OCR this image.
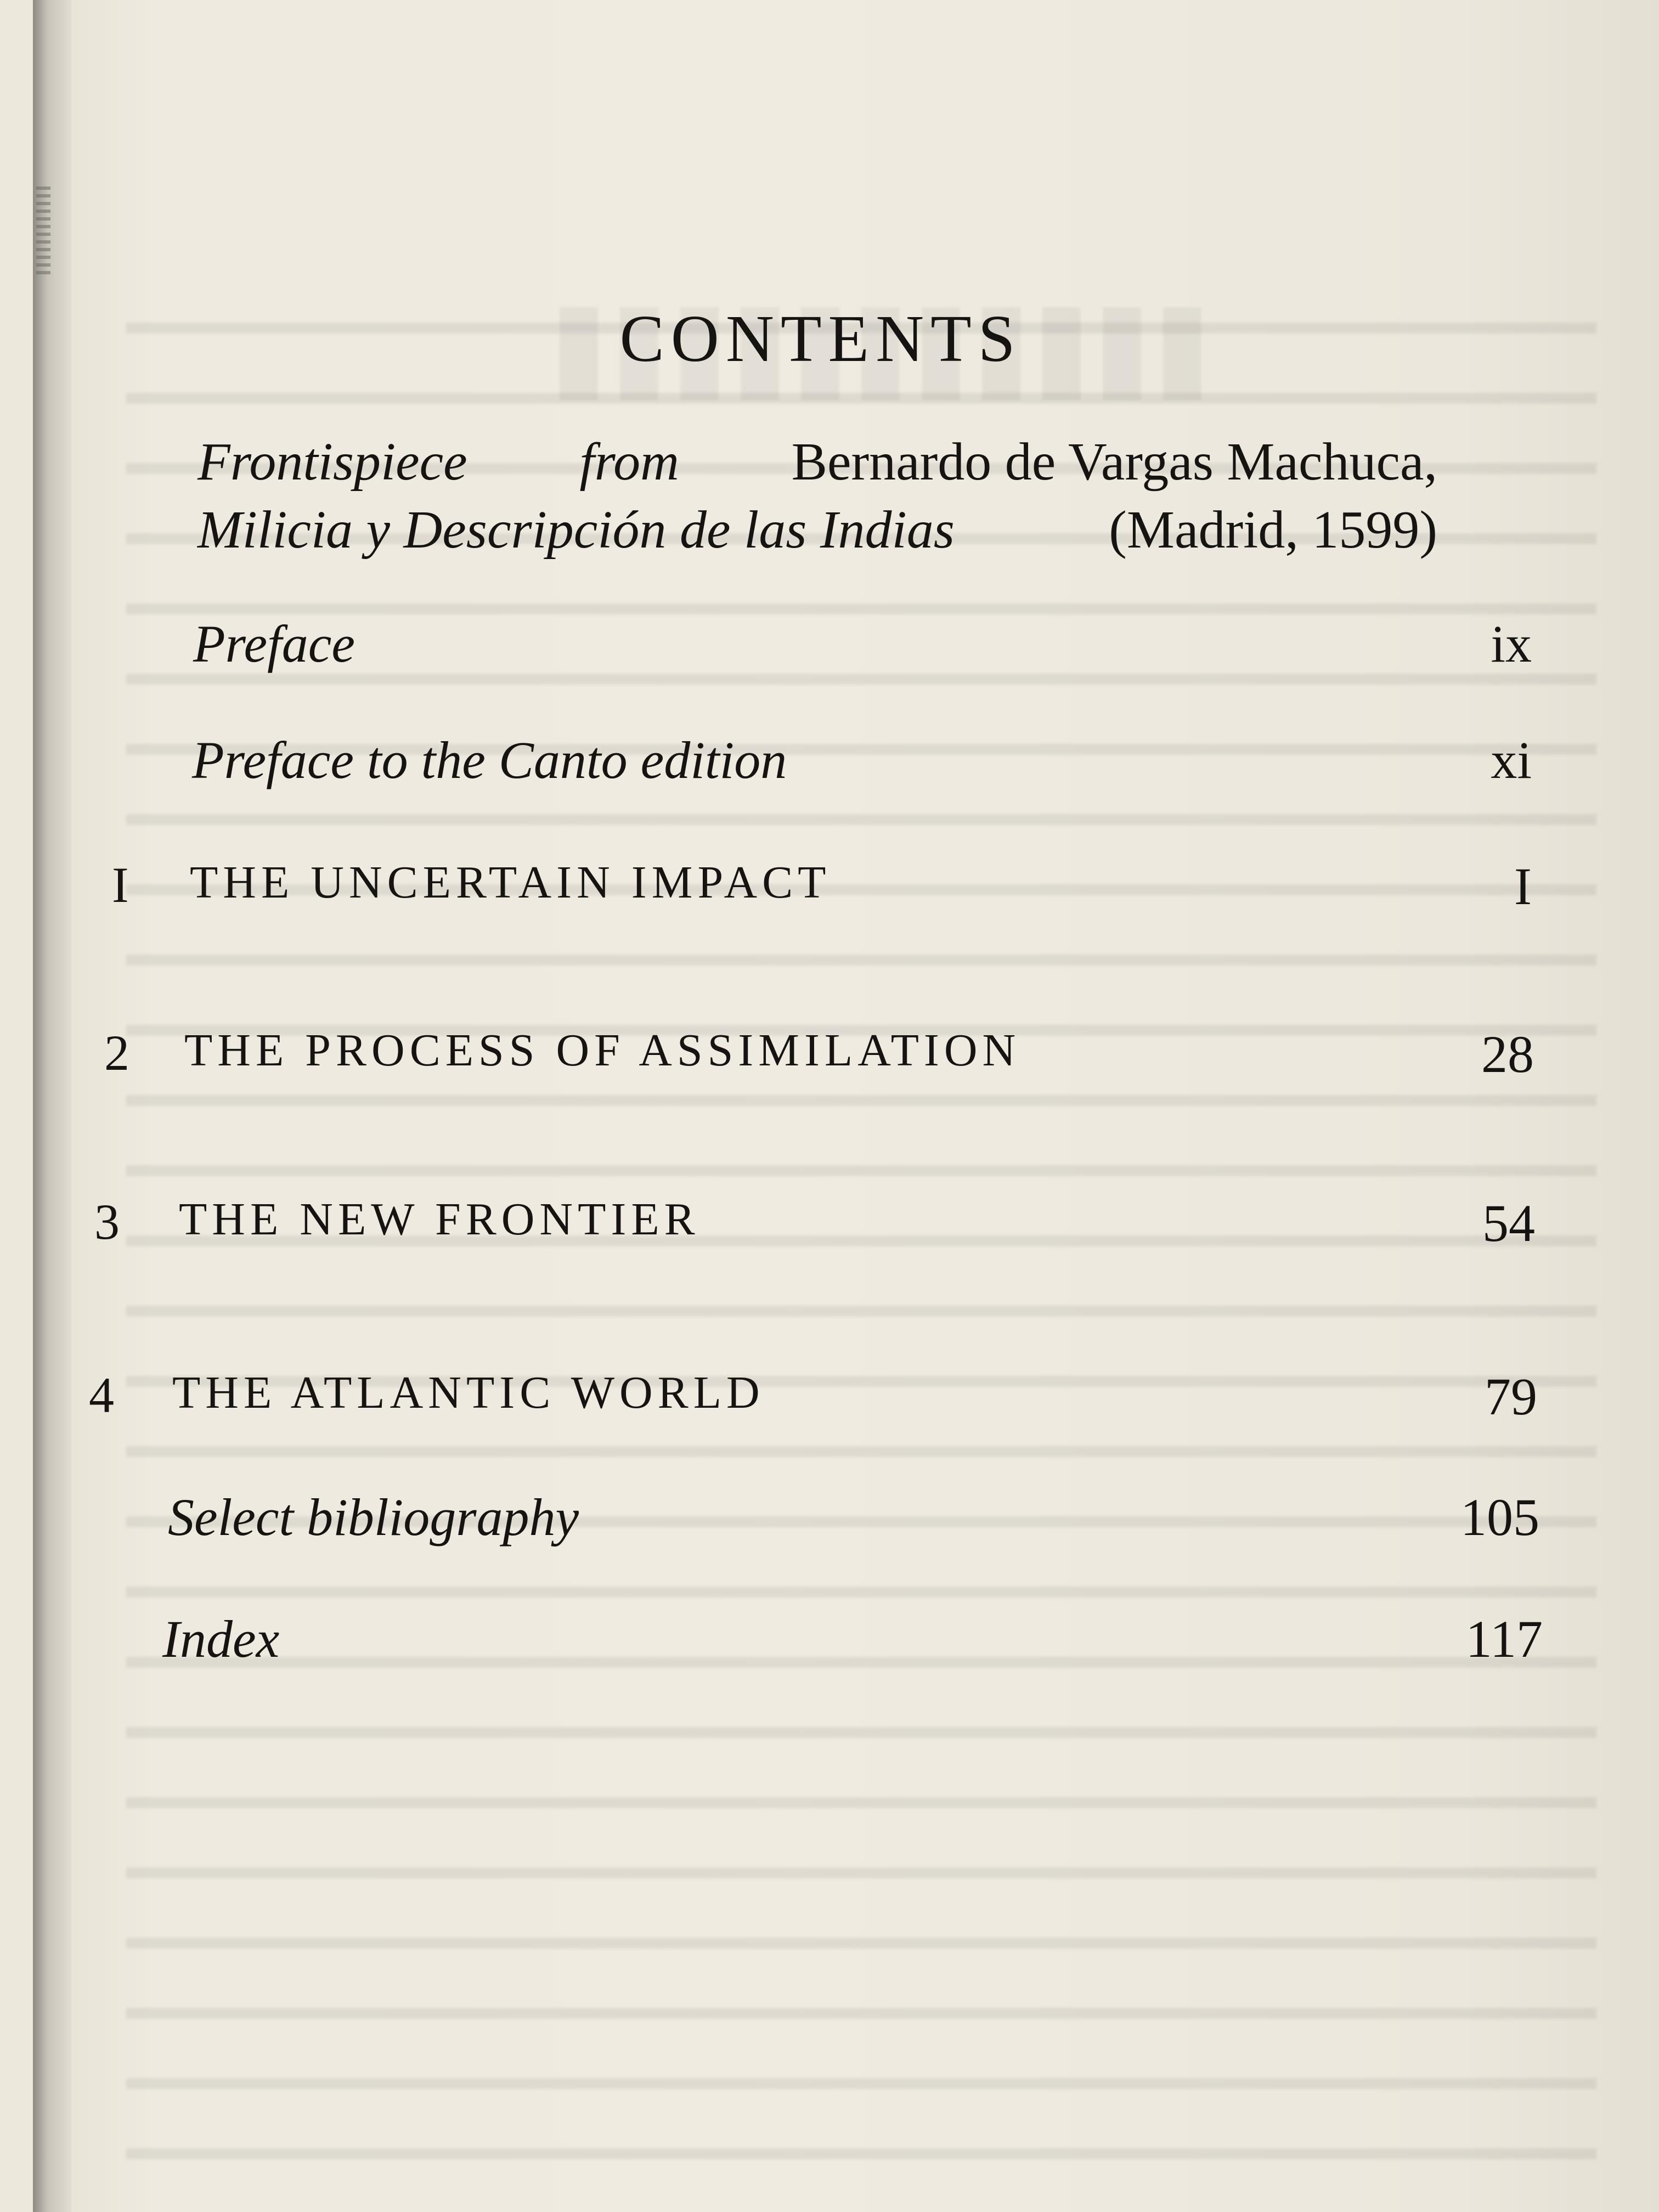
CONTENTS
Frontispiece from Bernardo de Vargas Machuca,
Milicia y Descripción de las Indias	(Madrid, 1599)
Preface	ix
Preface to the Canto edition	xi
I THE UNCERTAIN IMPACT	I
2 THE PROCESS OF ASSIMILATION	28
3 THE NEW FRONTIER	54
4 THE ATLANTIC WORLD	79
Select bibliography	105
Index	117
